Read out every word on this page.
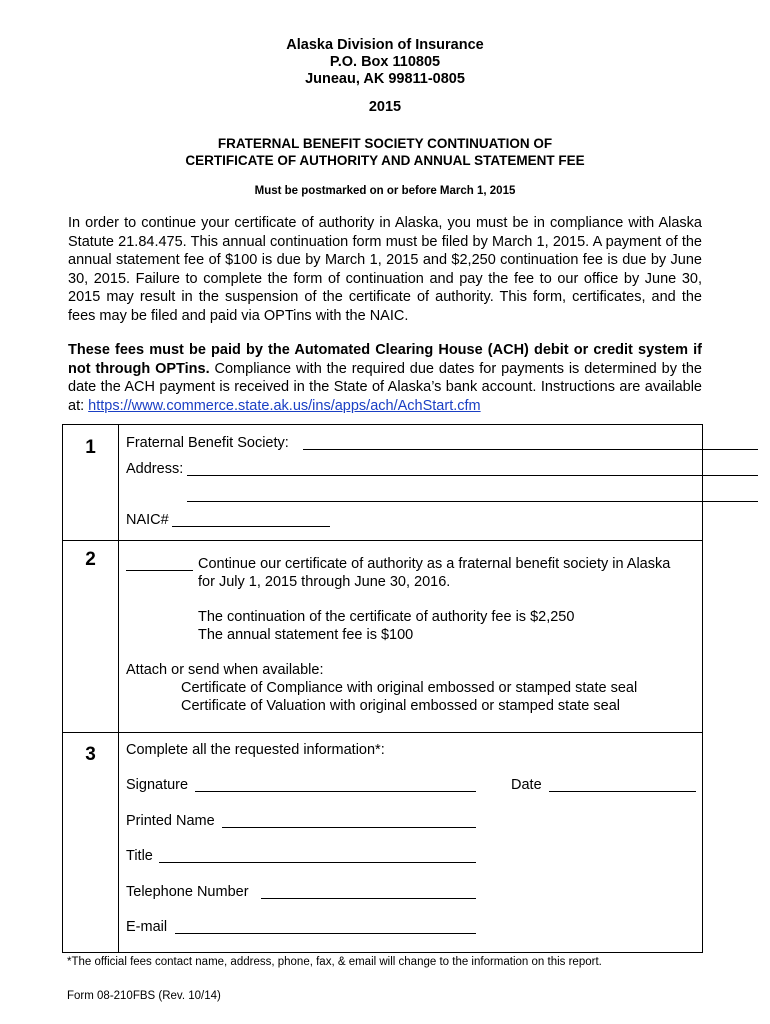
Alaska Division of Insurance
P.O. Box 110805
Juneau, AK 99811-0805
2015
FRATERNAL BENEFIT SOCIETY CONTINUATION OF
CERTIFICATE OF AUTHORITY AND ANNUAL STATEMENT FEE
Must be postmarked on or before March 1, 2015

In order to continue your certificate of authority in Alaska, you must be in compliance with Alaska Statute 21.84.475. This annual continuation form must be filed by March 1, 2015. A payment of the annual statement fee of $100 is due by March 1, 2015 and $2,250 continuation fee is due by June 30, 2015. Failure to complete the form of continuation and pay the fee to our office by June 30, 2015 may result in the suspension of the certificate of authority. This form, certificates, and the fees may be filed and paid via OPTins with the NAIC.

These fees must be paid by the Automated Clearing House (ACH) debit or credit system if not through OPTins. Compliance with the required due dates for payments is determined by the date the ACH payment is received in the State of Alaska’s bank account. Instructions are available at: https://www.commerce.state.ak.us/ins/apps/ach/AchStart.cfm

1	Fraternal Benefit Society:
Address:
NAIC#
2	Continue our certificate of authority as a fraternal benefit society in Alaska
for July 1, 2015 through June 30, 2016.
The continuation of the certificate of authority fee is $2,250
The annual statement fee is $100
Attach or send when available:
Certificate of Compliance with original embossed or stamped state seal
Certificate of Valuation with original embossed or stamped state seal
3	Complete all the requested information*:
Signature	Date
Printed Name
Title
Telephone Number
E-mail
*The official fees contact name, address, phone, fax, & email will change to the information on this report.
Form 08-210FBS (Rev. 10/14)
